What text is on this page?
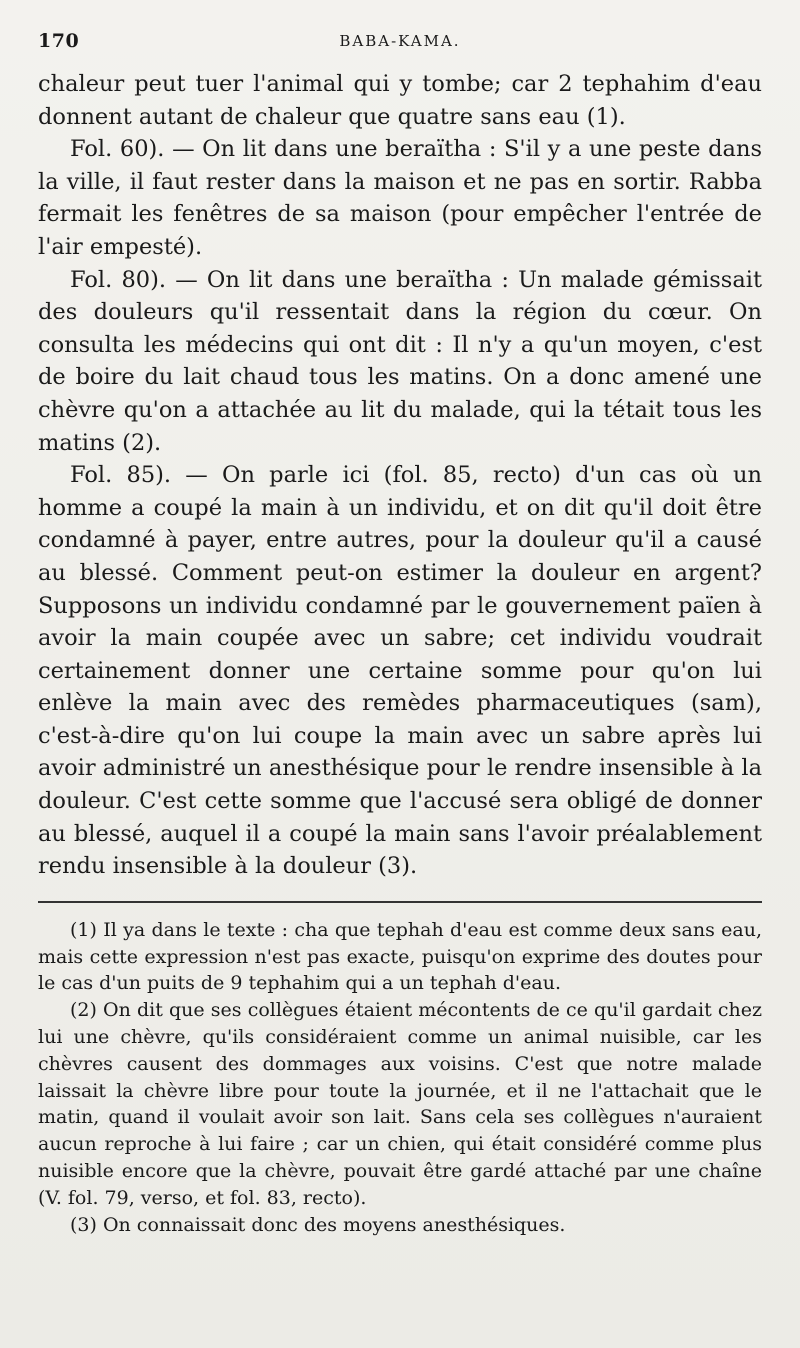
170	BABA-KAMA.

chaleur peut tuer l'animal qui y tombe; car 2 tephahim d'eau donnent autant de chaleur que quatre sans eau (1).

Fol. 60). — On lit dans une beraïtha : S'il y a une peste dans la ville, il faut rester dans la maison et ne pas en sortir. Rabba fermait les fenêtres de sa maison (pour empêcher l'entrée de l'air empesté).

Fol. 80). — On lit dans une beraïtha : Un malade gémissait des douleurs qu'il ressentait dans la région du cœur. On consulta les médecins qui ont dit : Il n'y a qu'un moyen, c'est de boire du lait chaud tous les matins. On a donc amené une chèvre qu'on a attachée au lit du malade, qui la tétait tous les matins (2).

Fol. 85). — On parle ici (fol. 85, recto) d'un cas où un homme a coupé la main à un individu, et on dit qu'il doit être condamné à payer, entre autres, pour la douleur qu'il a causé au blessé. Comment peut-on estimer la douleur en argent? Supposons un individu condamné par le gouvernement païen à avoir la main coupée avec un sabre; cet individu voudrait certainement donner une certaine somme pour qu'on lui enlève la main avec des remèdes pharmaceutiques (sam), c'est-à-dire qu'on lui coupe la main avec un sabre après lui avoir administré un anesthésique pour le rendre insensible à la douleur. C'est cette somme que l'accusé sera obligé de donner au blessé, auquel il a coupé la main sans l'avoir préalablement rendu insensible à la douleur (3).

(1) Il ya dans le texte : cha que tephah d'eau est comme deux sans eau, mais cette expression n'est pas exacte, puisqu'on exprime des doutes pour le cas d'un puits de 9 tephahim qui a un tephah d'eau.

(2) On dit que ses collègues étaient mécontents de ce qu'il gardait chez lui une chèvre, qu'ils considéraient comme un animal nuisible, car les chèvres causent des dommages aux voisins. C'est que notre malade laissait la chèvre libre pour toute la journée, et il ne l'attachait que le matin, quand il voulait avoir son lait. Sans cela ses collègues n'auraient aucun reproche à lui faire ; car un chien, qui était considéré comme plus nuisible encore que la chèvre, pouvait être gardé attaché par une chaîne (V. fol. 79, verso, et fol. 83, recto).

(3) On connaissait donc des moyens anesthésiques.
